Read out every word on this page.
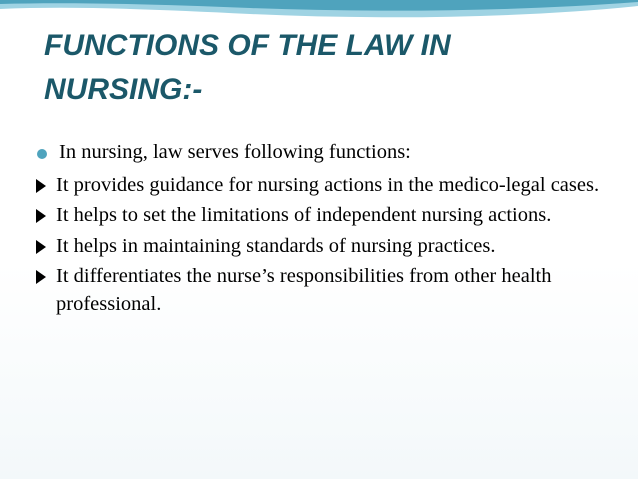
FUNCTIONS OF THE LAW IN NURSING:-
In nursing, law serves following functions:
It provides guidance for nursing actions in the medico-legal cases.
It helps to set the limitations of independent nursing actions.
It helps in maintaining standards of nursing practices.
It differentiates the nurse’s responsibilities from other health professional.
